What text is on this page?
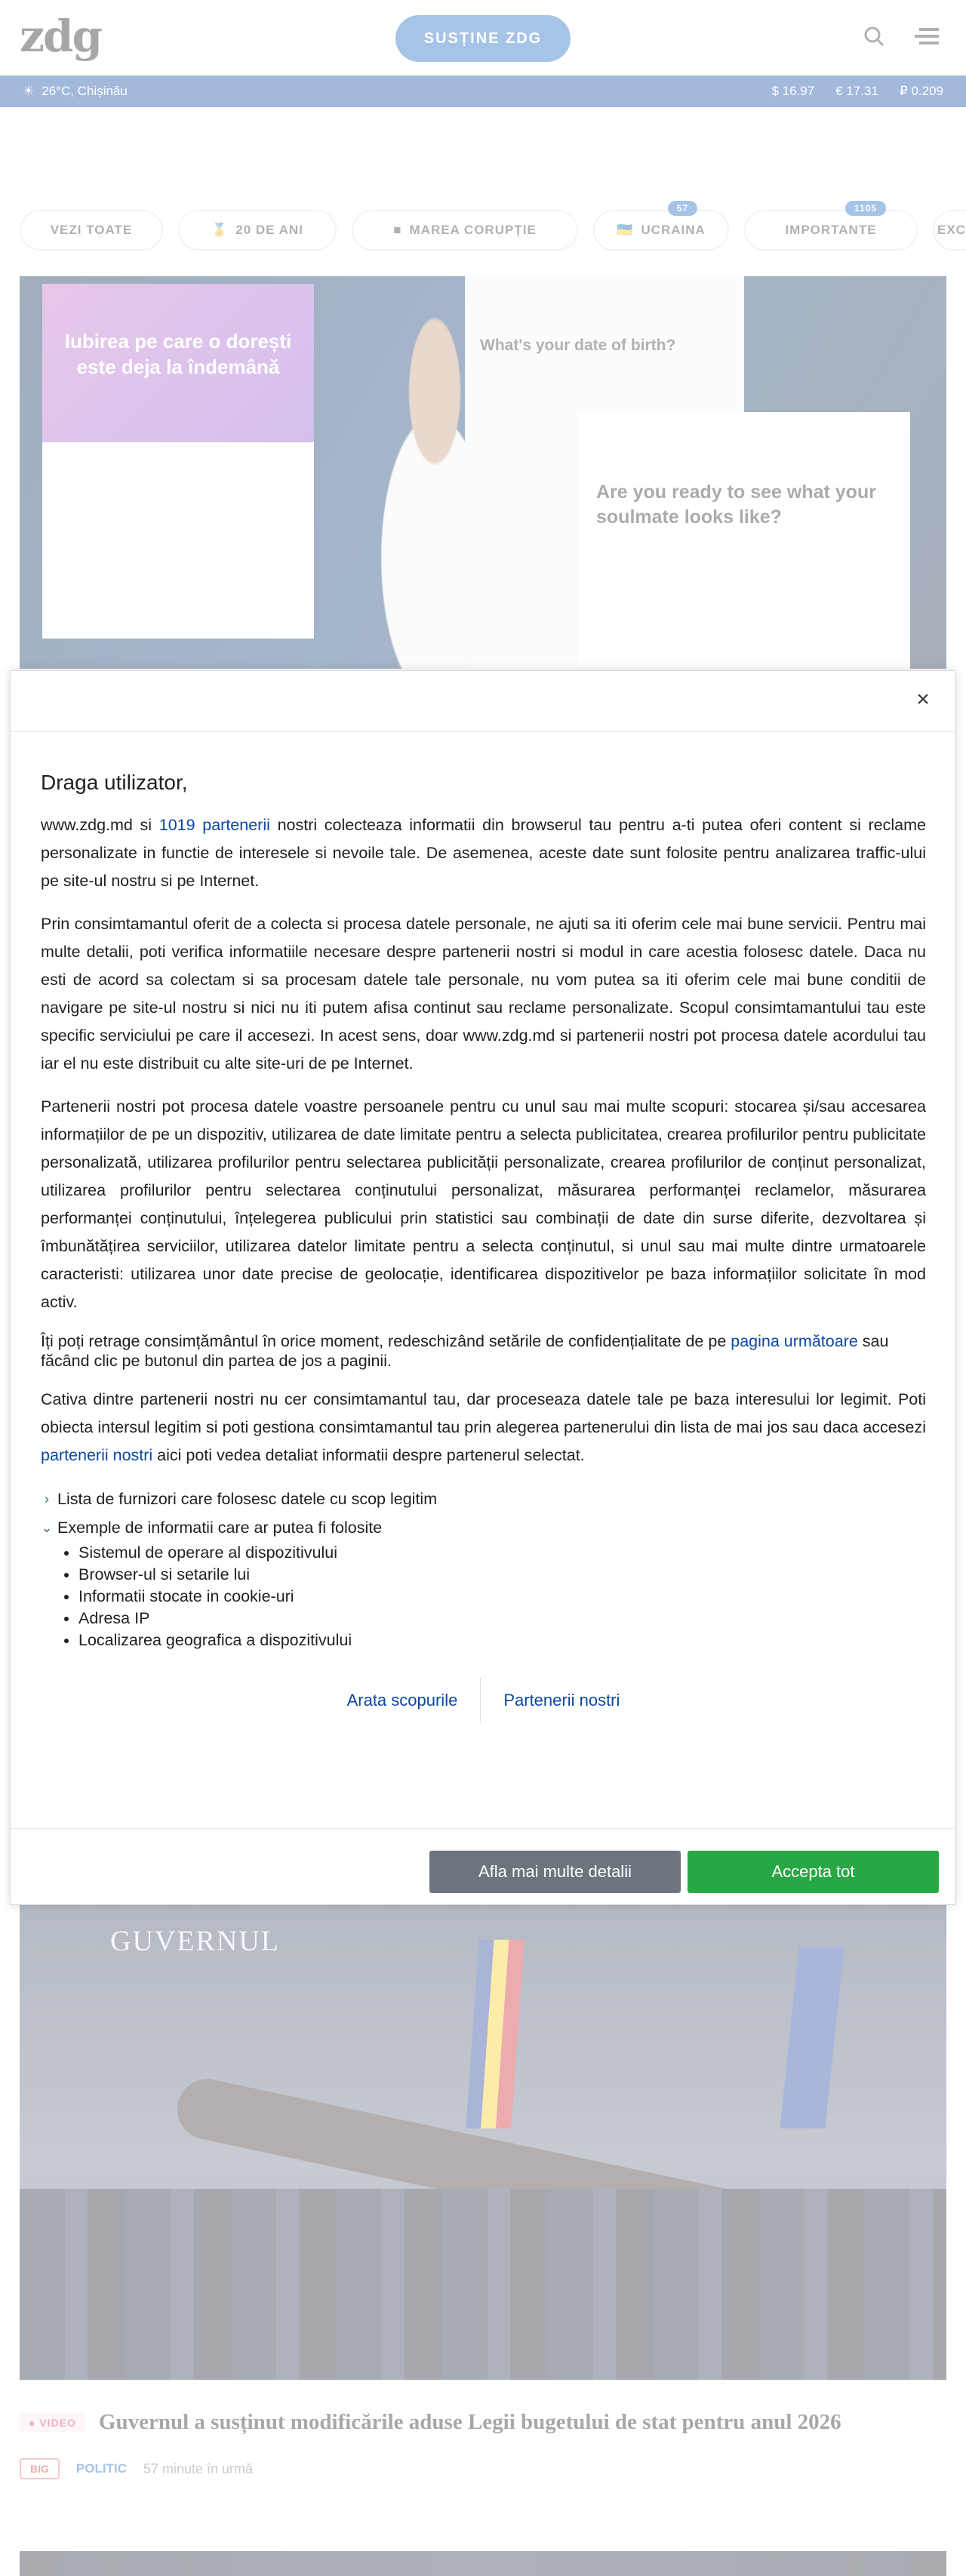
×
Draga utilizator,

www.zdg.md si 1019 partenerii nostri colecteaza informatii din browserul tau pentru a-ti putea oferi content si reclame personalizate in functie de interesele si nevoile tale. De asemenea, aceste date sunt folosite pentru analizarea traffic-ului pe site-ul nostru si pe Internet.

Prin consimtamantul oferit de a colecta si procesa datele personale, ne ajuti sa iti oferim cele mai bune servicii. Pentru mai multe detalii, poti verifica informatiile necesare despre partenerii nostri si modul in care acestia folosesc datele. Daca nu esti de acord sa colectam si sa procesam datele tale personale, nu vom putea sa iti oferim cele mai bune conditii de navigare pe site-ul nostru si nici nu iti putem afisa continut sau reclame personalizate. Scopul consimtamantului tau este specific serviciului pe care il accesezi. In acest sens, doar www.zdg.md si partenerii nostri pot procesa datele acordului tau iar el nu este distribuit cu alte site-uri de pe Internet.

Partenerii nostri pot procesa datele voastre persoanele pentru cu unul sau mai multe scopuri: stocarea și/sau accesarea informațiilor de pe un dispozitiv, utilizarea de date limitate pentru a selecta publicitatea, crearea profilurilor pentru publicitate personalizată, utilizarea profilurilor pentru selectarea publicității personalizate, crearea profilurilor de conținut personalizat, utilizarea profilurilor pentru selectarea conținutului personalizat, măsurarea performanței reclamelor, măsurarea performanței conținutului, înțelegerea publicului prin statistici sau combinații de date din surse diferite, dezvoltarea și îmbunătățirea serviciilor, utilizarea datelor limitate pentru a selecta conținutul, si unul sau mai multe dintre urmatoarele caracteristi: utilizarea unor date precise de geolocație, identificarea dispozitivelor pe baza informațiilor solicitate în mod activ.

Îți poți retrage consimțământul în orice moment, redeschizând setările de confidențialitate de pe pagina următoare sau făcând clic pe butonul din partea de jos a paginii.

Cativa dintre partenerii nostri nu cer consimtamantul tau, dar proceseaza datele tale pe baza interesului lor legimit. Poti obiecta intersul legitim si poti gestiona consimtamantul tau prin alegerea partenerului din lista de mai jos sau daca accesezi partenerii nostri aici poti vedea detaliat informatii despre partenerul selectat.

› Lista de furnizori care folosesc datele cu scop legitim
⌄ Exemple de informatii care ar putea fi folosite
• Sistemul de operare al dispozitivului
• Browser-ul si setarile lui
• Informatii stocate in cookie-uri
• Adresa IP
• Localizarea geografica a dispozitivului
Arata scopurile	Partenerii nostri
Afla mai multe detalii	Accepta tot
